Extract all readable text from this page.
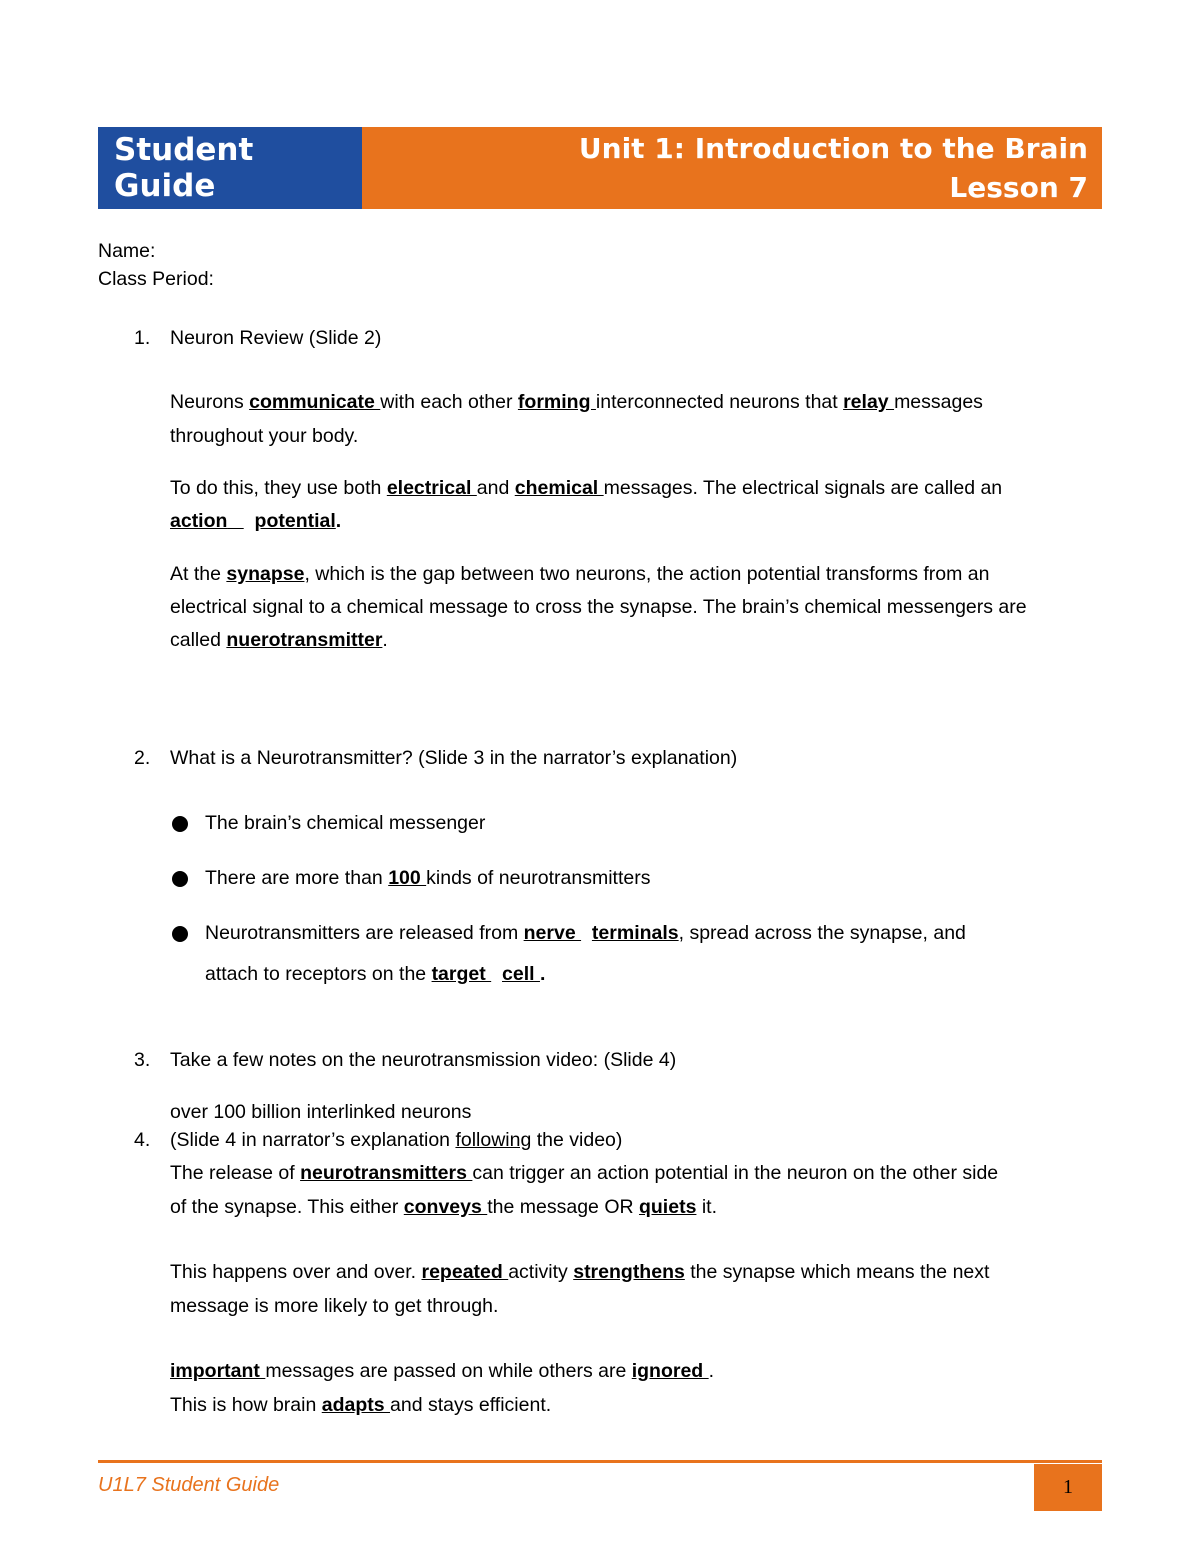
Student Guide
Unit 1: Introduction to the Brain
Lesson 7
Name:
Class Period:
1. Neuron Review (Slide 2)
Neurons communicate with each other forming interconnected neurons that relay messages
throughout your body.
To do this, they use both electrical and chemical messages. The electrical signals are called an
action potential.
At the synapse, which is the gap between two neurons, the action potential transforms from an
electrical signal to a chemical message to cross the synapse. The brain’s chemical messengers are
called nuerotransmitter.
2. What is a Neurotransmitter? (Slide 3 in the narrator’s explanation)
The brain’s chemical messenger
There are more than 100 kinds of neurotransmitters
Neurotransmitters are released from nerve   terminals, spread across the synapse, and
attach to receptors on the target   cell .
3. Take a few notes on the neurotransmission video: (Slide 4)
over 100 billion interlinked neurons
4. (Slide 4 in narrator’s explanation following the video)
The release of neurotransmitters can trigger an action potential in the neuron on the other side
of the synapse. This either conveys the message OR quiets it.
This happens over and over. repeated activity strengthens the synapse which means the next
message is more likely to get through.
important messages are passed on while others are ignored .
This is how brain adapts and stays efficient.
U1L7 Student Guide	1
